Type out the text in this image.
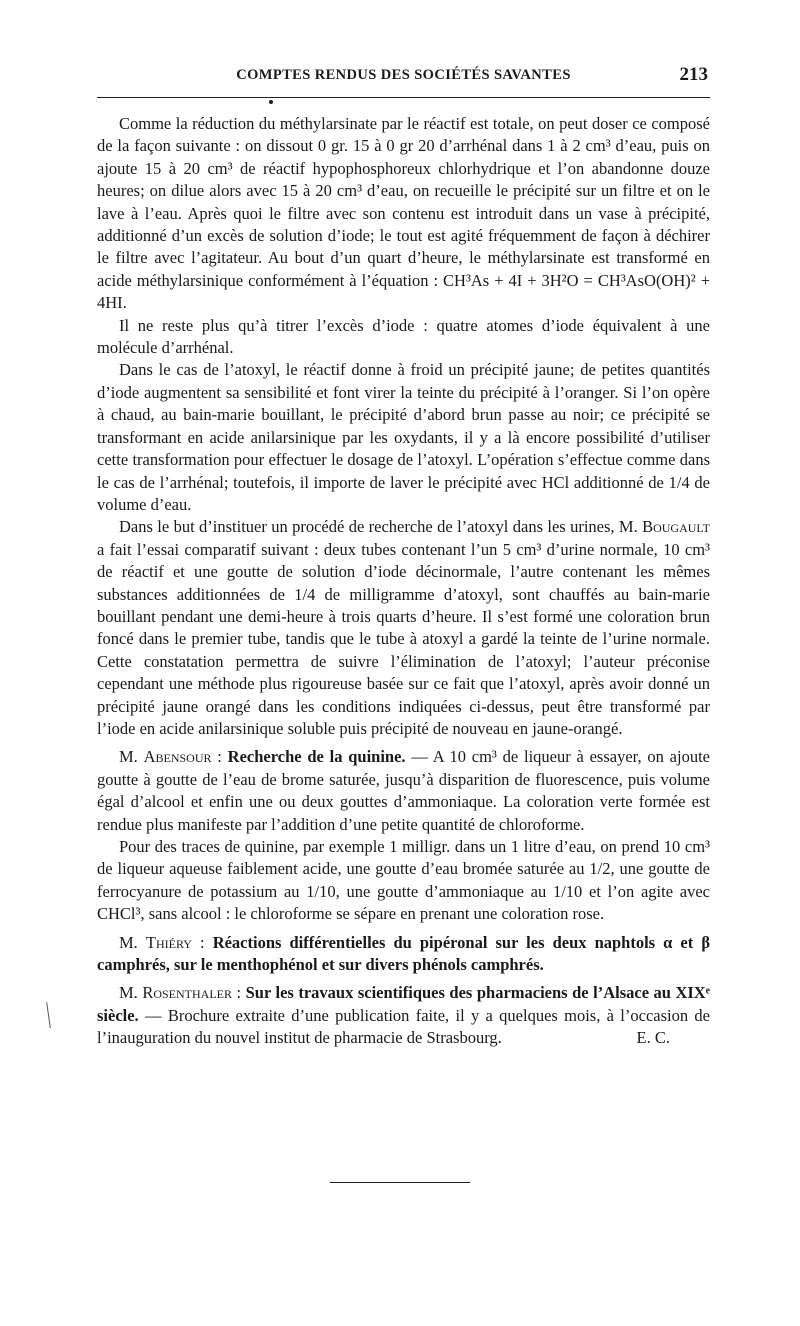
COMPTES RENDUS DES SOCIÉTÉS SAVANTES	213

Comme la réduction du méthylarsinate par le réactif est totale, on peut doser ce composé de la façon suivante : on dissout 0 gr. 15 à 0 gr 20 d’arrhénal dans 1 à 2 cm³ d’eau, puis on ajoute 15 à 20 cm³ de réactif hypophosphoreux chlorhydrique et l’on abandonne douze heures; on dilue alors avec 15 à 20 cm³ d’eau, on recueille le précipité sur un filtre et on le lave à l’eau. Après quoi le filtre avec son contenu est introduit dans un vase à précipité, additionné d’un excès de solution d’iode; le tout est agité fréquemment de façon à déchirer le filtre avec l’agitateur. Au bout d’un quart d’heure, le méthylarsinate est transformé en acide méthylarsinique conformément à l’équation : CH³As + 4I + 3H²O = CH³AsO(OH)² + 4HI.

Il ne reste plus qu’à titrer l’excès d’iode : quatre atomes d’iode équivalent à une molécule d’arrhénal.

Dans le cas de l’atoxyl, le réactif donne à froid un précipité jaune; de petites quantités d’iode augmentent sa sensibilité et font virer la teinte du précipité à l’oranger. Si l’on opère à chaud, au bain-marie bouillant, le précipité d’abord brun passe au noir; ce précipité se transformant en acide anilarsinique par les oxydants, il y a là encore possibilité d’utiliser cette transformation pour effectuer le dosage de l’atoxyl. L’opération s’effectue comme dans le cas de l’arrhénal; toutefois, il importe de laver le précipité avec HCl additionné de 1/4 de volume d’eau.

Dans le but d’instituer un procédé de recherche de l’atoxyl dans les urines, M. Bougault a fait l’essai comparatif suivant : deux tubes contenant l’un 5 cm³ d’urine normale, 10 cm³ de réactif et une goutte de solution d’iode décinormale, l’autre contenant les mêmes substances additionnées de 1/4 de milligramme d’atoxyl, sont chauffés au bain-marie bouillant pendant une demi-heure à trois quarts d’heure. Il s’est formé une coloration brun foncé dans le premier tube, tandis que le tube à atoxyl a gardé la teinte de l’urine normale. Cette constatation permettra de suivre l’élimination de l’atoxyl; l’auteur préconise cependant une méthode plus rigoureuse basée sur ce fait que l’atoxyl, après avoir donné un précipité jaune orangé dans les conditions indiquées ci-dessus, peut être transformé par l’iode en acide anilarsinique soluble puis précipité de nouveau en jaune-orangé.

M. Abensour : Recherche de la quinine. — A 10 cm³ de liqueur à essayer, on ajoute goutte à goutte de l’eau de brome saturée, jusqu’à disparition de fluorescence, puis volume égal d’alcool et enfin une ou deux gouttes d’ammoniaque. La coloration verte formée est rendue plus manifeste par l’addition d’une petite quantité de chloroforme.

Pour des traces de quinine, par exemple 1 milligr. dans un 1 litre d’eau, on prend 10 cm³ de liqueur aqueuse faiblement acide, une goutte d’eau bromée saturée au 1/2, une goutte de ferrocyanure de potassium au 1/10, une goutte d’ammoniaque au 1/10 et l’on agite avec CHCl³, sans alcool : le chloroforme se sépare en prenant une coloration rose.

M. Thiéry : Réactions différentielles du pipéronal sur les deux naphtols α et β camphrés, sur le menthophénol et sur divers phénols camphrés.

M. Rosenthaler : Sur les travaux scientifiques des pharmaciens de l’Alsace au XIXᵉ siècle. — Brochure extraite d’une publication faite, il y a quelques mois, à l’occasion de l’inauguration du nouvel institut de pharmacie de Strasbourg.	E. C.
